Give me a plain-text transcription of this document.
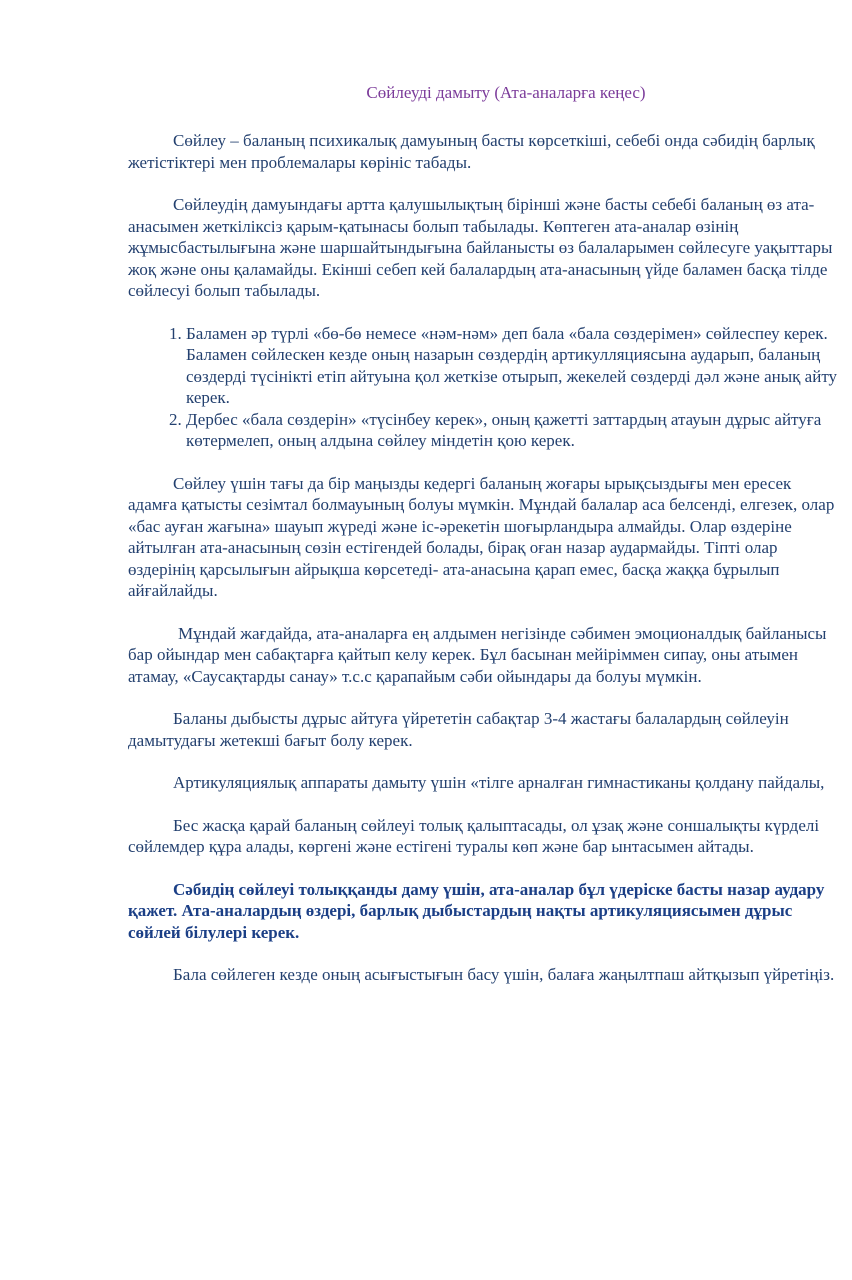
Сөйлеуді дамыту (Ата-аналарға кеңес)

Сөйлеу – баланың психикалық дамуының басты көрсеткіші, себебі онда сәбидің барлық жетістіктері мен проблемалары көрініс табады.

Сөйлеудің дамуындағы артта қалушылықтың бірінші және басты себебі баланың өз ата-анасымен жеткіліксіз қарым-қатынасы болып табылады. Көптеген ата-аналар өзінің жұмысбастылығына және шаршайтындығына байланысты өз балаларымен сөйлесуге уақыттары жоқ және оны қаламайды. Екінші себеп кей балалардың ата-анасының үйде баламен басқа тілде сөйлесуі болып табылады.

1. Баламен әр түрлі «бө-бө немесе «нәм-нәм» деп бала «бала сөздерімен» сөйлеспеу керек. Баламен сөйлескен кезде оның назарын сөздердің артикулляциясына аударып, баланың сөздерді түсінікті етіп айтуына қол жеткізе отырып, жекелей сөздерді дәл және анық айту керек.
2. Дербес «бала сөздерін» «түсінбеу керек», оның қажетті заттардың атауын дұрыс айтуға көтермелеп, оның алдына сөйлеу міндетін қою керек.

Сөйлеу үшін тағы да бір маңызды кедергі баланың жоғары ырықсыздығы мен ересек адамға қатысты сезімтал болмауының болуы мүмкін. Мұндай балалар аса белсенді, елгезек, олар «бас ауған жағына» шауып жүреді және іс-әрекетін шоғырландыра алмайды. Олар өздеріне айтылған ата-анасының сөзін естігендей болады, бірақ оған назар аудармайды. Тіпті олар өздерінің қарсылығын айрықша көрсетеді- ата-анасына қарап емес, басқа жаққа бұрылып айғайлайды.

Мұндай жағдайда, ата-аналарға ең алдымен негізінде сәбимен эмоционалдық байланысы бар ойындар мен сабақтарға қайтып келу керек. Бұл басынан мейіріммен сипау, оны атымен атамау, «Саусақтарды санау» т.с.с қарапайым сәби ойындары да болуы мүмкін.

Баланы дыбысты дұрыс айтуға үйрететін сабақтар 3-4 жастағы балалардың сөйлеуін дамытудағы жетекші бағыт болу керек.

Артикуляциялық аппараты дамыту үшін «тілге арналған гимнастиканы қолдану пайдалы,

Бес жасқа қарай баланың сөйлеуі толық қалыптасады, ол ұзақ және соншалықты күрделі сөйлемдер құра алады, көргені және естігені туралы көп және бар ынтасымен айтады.

Сәбидің сөйлеуі толыққанды даму үшін, ата-аналар бұл үдеріске басты назар аудару қажет. Ата-аналардың өздері, барлық дыбыстардың нақты артикуляциясымен дұрыс сөйлей білулері керек.

Бала сөйлеген кезде оның асығыстығын басу үшін, балаға жаңылтпаш айтқызып үйретіңіз.
